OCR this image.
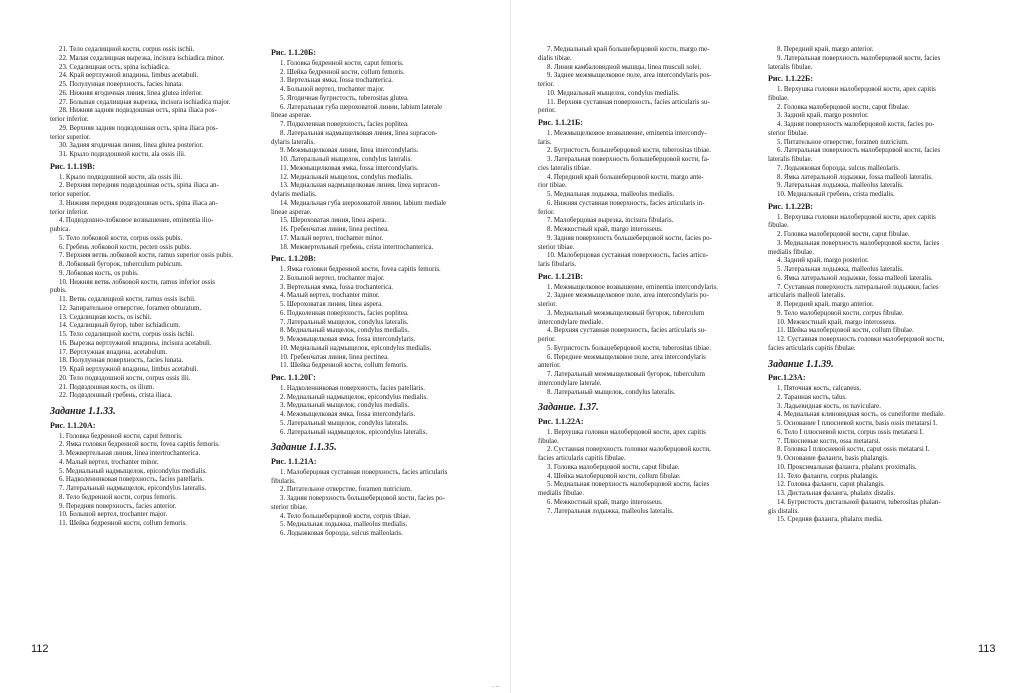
21. Тело седалищной кости, corpus ossis ischii.
22. Малая седалищная вырезка, incisura ischiadica minor.
23. Седалищная ость, spina ischiadica.
24. Край вертлужной впадины, limbus acetabuli.
25. Полулунная поверхность, facies lunata.
26. Нижняя ягодичная линия, linea glutea inferior.
27. Большая седалищная вырезка, incisura ischiadica major.
28. Нижняя задняя подвздошная ость, spina iliaca pos-
terior inferior.
29. Верхняя задняя подвздошная ость, spina iliaca pos-
terior superior.
30. Задняя ягодичная линия, linea glutea posterior.
31. Крыло подвздошной кости, ala ossis ilii.
Рис. 1.1.19В:
1. Крыло подвздошной кости, ala ossis ilii.
2. Верхняя передняя подвздошная ость, spina iliaca an-
terior superior.
3. Нижняя передняя подвздошная ость, spina iliaca an-
terior inferior.
4. Подвздошно-лобковое возвышение, eminentia ilio-
pubica.
5. Тело лобковой кости, corpus ossis pubis.
6. Гребень лобковой кости, pecten ossis pubis.
7. Верхняя ветвь лобковой кости, ramus superior ossis pubis.
8. Лобковый бугорок, tuberculum pubicum.
9. Лобковая кость, os pubis.
10. Нижняя ветвь лобковой кости, ramus inferior ossis
pubis.
11. Ветвь седалищной кости, ramus ossis ischii.
12. Запирательное отверстие, foramen obturatum.
13. Седалищная кость, os ischii.
14. Седалищный бугор, tuber ischiadicum.
15. Тело седалищной кости, corpus ossis ischii.
16. Вырезка вертлужной впадины, incisura acetabuli.
17. Вертлужная впадина, acetabulum.
18. Полулунная поверхность, facies lunata.
19. Край вертлужной впадины, limbus acetabuli.
20. Тело подвздошной кости, corpus ossis ilii.
21. Подвздошная кость, os ilium.
22. Подвздошный гребень, crista iliaca.
Задание 1.1.33.
Рис. 1.1.20А:
1. Головка бедренной кости, caput femoris.
2. Ямка головки бедренной кости, fovea capitis femoris.
3. Межвертельная линия, linea intertrochanterica.
4. Малый вертел, trochanter minor.
5. Медиальный надмыщелок, epicondylus medialis.
6. Надколенниковая поверхность, facies patellaris.
7. Латеральный надмыщелок, epicondylus lateralis.
8. Тело бедренной кости, corpus femoris.
9. Передняя поверхность, facies anterior.
10. Большой вертел, trochanter major.
11. Шейка бедренной кости, collum femoris.
Рис. 1.1.20Б:
1. Головка бедренной кости, caput femoris.
2. Шейка бедренной кости, collum femoris.
3. Вертельная ямка, fossa trochanterica.
4. Большой вертел, trochanter major.
5. Ягодичная бугристость, tuberositas glutea.
6. Латеральная губа шероховатой линии, labium laterale
lineae asperae.
7. Подколенная поверхность, facies poplitea.
8. Латеральная надмыщелковая линия, linea supracon-
dylaris lateralis.
9. Межмыщелковая линия, linea intercondylaris.
10. Латеральный мыщелок, condylus lateralis.
11. Межмыщелковая ямка, fossa intercondylaris.
12. Медиальный мыщелок, condylus medialis.
13. Медиальная надмыщелковая линия, linea supracon-
dylaris medialis.
14. Медиальная губа шероховатой линии, labium mediale
lineae asperae.
15. Шероховатая линия, linea aspera.
16. Гребенчатая линия, linea pectinea.
17. Малый вертел, trochanter minor.
18. Межвертельный гребень, crista intertrochanterica.
Рис. 1.1.20В:
1. Ямка головки бедренной кости, fovea capitis femoris.
2. Большой вертел, trochanter major.
3. Вертельная ямка, fossa trochanterica.
4. Малый вертел, trochanter minor.
5. Шероховатая линия, linea aspera.
6. Подколенная поверхность, facies poplitea.
7. Латеральный мыщелок, condylus lateralis.
8. Медиальный мыщелок, condylus medialis.
9. Межмыщелковая ямка, fossa intercondylaris.
10. Медиальный надмыщелок, epicondylus medialis.
10. Гребенчатая линия, linea pectinea.
11. Шейка бедренной кости, collum femoris.
Рис. 1.1.20Г:
1. Надколенниковая поверхность, facies patellaris.
2. Медиальный надмыщелок, epicondylus medialis.
3. Медиальный мыщелок, condylus medialis.
4. Межмыщелковая ямка, fossa intercondylaris.
5. Латеральный мыщелок, condylus lateralis.
6. Латеральный надмыщелок, epicondylus lateralis.
Задание 1.1.35.
Рис. 1.1.21А:
1. Малоберцовая суставная поверхность, facies articularis
fibularis.
2. Питательное отверстие, foramen nutricium.
3. Задняя поверхность большеберцовой кости, facies po-
sterior tibiae.
4. Тело большеберцовой кости, corpus tibiae.
5. Медиальная лодыжка, malleolus medialis.
6. Лодыжковая борозда, sulcus malleolaris.
7. Медиальный край большеберцовой кости, margo me-
dialis tibiae.
8. Линия камбаловидной мышцы, linea musculi solei.
9. Заднее межмыщелковое поле, area intercondylaris pos-
terior.
10. Медиальный мыщелок, condylus medialis.
11. Верхняя суставная поверхность, facies articularis su-
perior.
Рис. 1.1.21Б:
1. Межмыщелковое возвышение, eminentia intercondy-
laris.
2. Бугристость большеберцовой кости, tuberositas tibiae.
3. Латеральная поверхность большеберцовой кости, fa-
cies lateralis tibiae.
4. Передний край большеберцовой кости, margo ante-
rior tibiae.
5. Медиальная лодыжка, malleolus medialis.
6. Нижняя суставная поверхность, facies articularis in-
ferior.
7. Малоберцовая вырезка, incisura fibularis.
8. Межкостный край, margo interosseus.
9. Задняя поверхность большеберцовой кости, facies po-
sterior tibiae.
10. Малоберцовая суставная поверхность, facies articu-
laris fibularis.
Рис. 1.1.21В:
1. Межмыщелковое возвышение, eminentia intercondylaris.
2. Заднее межмыщелковое поле, area intercondylaris po-
sterior.
3. Медиальный межмыщелковый бугорок, tuberculum
intercondylare mediale.
4. Верхняя суставная поверхность, facies articularis su-
perior.
5. Бугристость большеберцовой кости, tuberositas tibiae.
6. Переднее межмыщелковое поле, area intercondylaris
anterior.
7. Латеральный межмыщелковый бугорок, tuberculum
intercondylare laterale.
8. Латеральный мыщелок, condylus lateralis.
Задание. 1.37.
Рис. 1.1.22А:
1. Верхушка головки малоберцовой кости, apex capitis
fibulae.
2. Суставная поверхность головки малоберцовой кости,
facies articularis capitis fibulae.
3. Головка малоберцовой кости, caput fibulae.
4. Шейка малоберцовой кости, collum fibulae.
5. Медиальная поверхность малоберцовой кости, facies
medialis fibulae.
6. Межкостный край, margo interosseus.
7. Латеральная лодыжка, malleolus lateralis.
8. Передний край, margo anterior.
9. Латеральная поверхность малоберцовой кости, facies
lateralis fibulae.
Рис. 1.1.22Б:
1. Верхушка головки малоберцовой кости, apex capitis
fibulae.
2. Головка малоберцовой кости, caput fibulae.
3. Задний край, margo posterior.
4. Задняя поверхность малоберцовой кости, facies po-
sterior fibulae.
5. Питательное отверстие, foramen nutricium.
6. Латеральная поверхность малоберцовой кости, facies
lateralis fibulae.
7. Лодыжковая борозда, sulcus malleolaris.
8. Ямка латеральной лодыжки, fossa malleoli lateralis.
9. Латеральная лодыжка, malleolus lateralis.
10. Медиальный гребень, crista medialis.
Рис. 1.1.22В:
1. Верхушка головки малоберцовой кости, apex capitis
fibulae.
2. Головка малоберцовой кости, caput fibulae.
3. Медиальная поверхность малоберцовой кости, facies
medialis fibulae.
4. Задний край, margo posterior.
5. Латеральная лодыжка, malleolus lateralis.
6. Ямка латеральной лодыжки, fossa malleoli lateralis.
7. Суставная поверхность латеральной лодыжки, facies
articularis malleoli lateralis.
8. Передний край, margo anterior.
9. Тело малоберцовой кости, corpus fibulae.
10. Межкостный край, margo interosseus.
11. Шейка малоберцовой кости, collum fibulae.
12. Суставная поверхность головки малоберцовой кости,
facies articularis capitis fibulae.
Задание 1.1.39.
Рис.1.23А:
1. Пяточная кость, calcaneus.
2. Таранная кость, talus.
3. Ладьевидная кость, os naviculare.
4. Медиальная клиновидная кость, os cuneiforme mediale.
5. Основание I плюсневой кости, basis ossis metatarsi I.
6. Тело I плюсневой кости, corpus ossis metatarsi I.
7. Плюсневые кости, ossa metatarsi.
8. Головка I плюсневой кости, caput ossis metatarsi I.
9. Основание фаланги, basis phalangis.
10. Проксимальная фаланга, phalanx proximalis.
11. Тело фаланги, corpus phalangis.
12. Головка фаланги, caput phalangis.
13. Дистальная фаланга, phalanx distalis.
14. Бугристость дистальной фаланги, tuberositas phalan-
gis distalis.
15. Средняя фаланга, phalanx media.
112	113
- --
